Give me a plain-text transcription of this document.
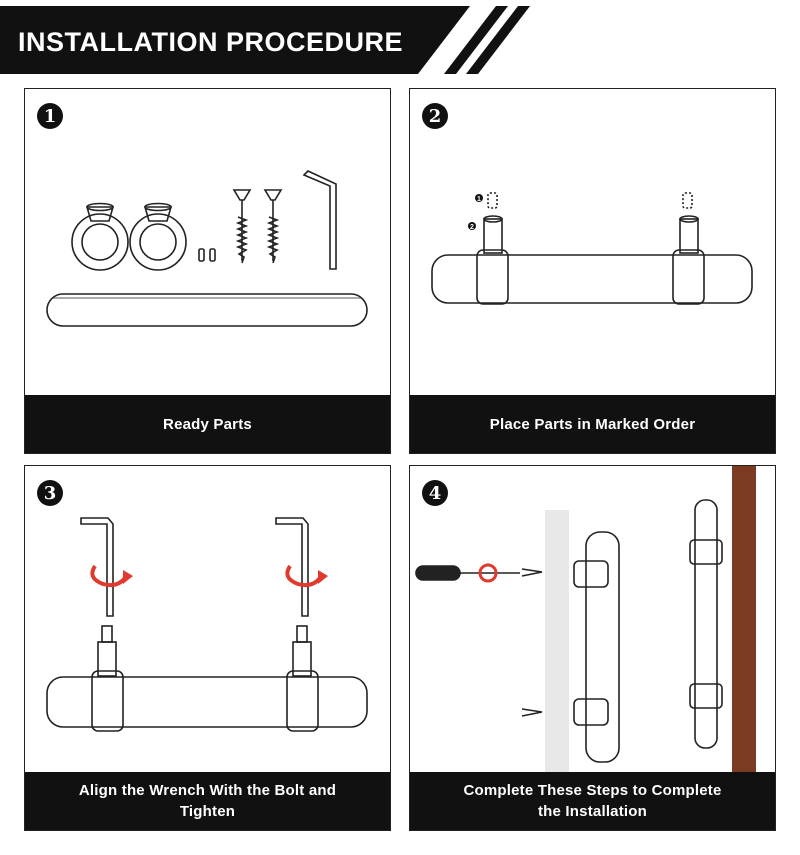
INSTALLATION PROCEDURE
1
Ready Parts
2
1
2
Place Parts in Marked Order
3
Align the Wrench With the Bolt and Tighten
4
Complete These Steps to Complete the Installation
